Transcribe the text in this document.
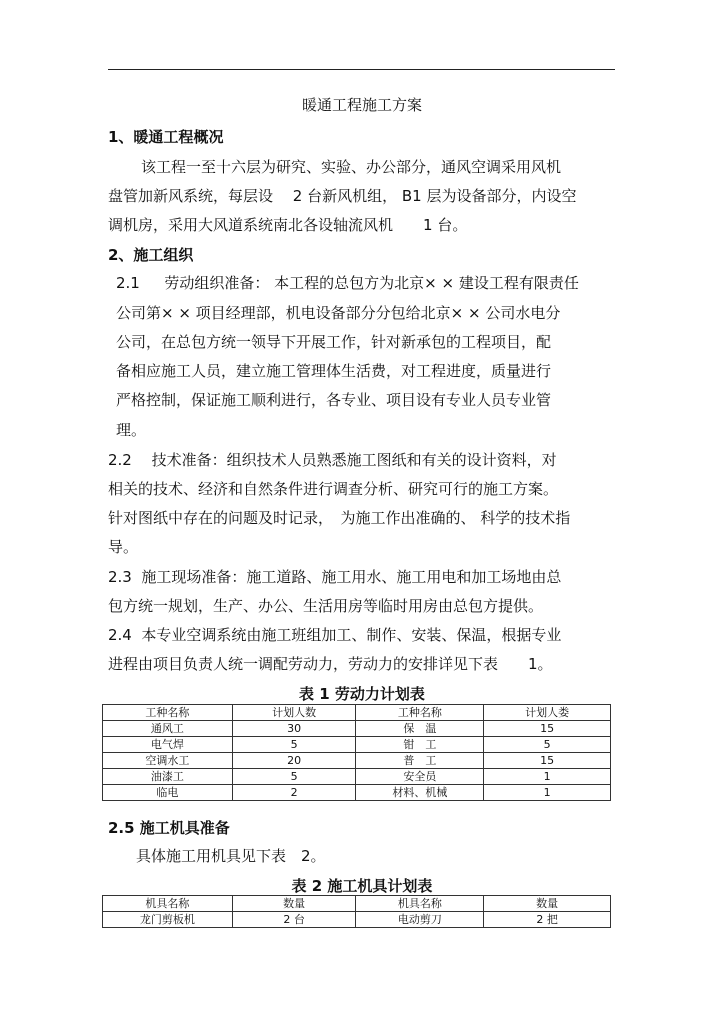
暖通工程施工方案
1、暖通工程概况
该工程一至十六层为研究、实验、办公部分，通风空调采用风机
盘管加新风系统，每层设　 2 台新风机组， B1 层为设备部分，内设空
调机房，采用大风道系统南北各设轴流风机　　1 台。
2、施工组织
2.1　  劳动组织准备： 本工程的总包方为北京× × 建设工程有限责任
公司第× × 项目经理部，机电设备部分分包给北京× × 公司水电分
公司，在总包方统一领导下开展工作，针对新承包的工程项目，配
备相应施工人员，建立施工管理体生活费，对工程进度，质量进行
严格控制，保证施工顺利进行，各专业、项目设有专业人员专业管
理。
2.2　 技术准备：组织技术人员熟悉施工图纸和有关的设计资料，对
相关的技术、经济和自然条件进行调查分析、研究可行的施工方案。
针对图纸中存在的问题及时记录，　为施工作出准确的、 科学的技术指
导。
2.3  施工现场准备：施工道路、施工用水、施工用电和加工场地由总
包方统一规划，生产、办公、生活用房等临时用房由总包方提供。
2.4  本专业空调系统由施工班组加工、制作、安装、保温，根据专业
进程由项目负责人统一调配劳动力，劳动力的安排详见下表　　1。
表 1 劳动力计划表
工种名称	计划人数	工种名称	计划人娄
通风工	30	保　温	15
电气焊	5	钳　工	5
空调水工	20	普　工	15
油漆工	5	安全员	1
临电	2	材料、机械	1
2.5 施工机具准备
具体施工用机具见下表　2。
表 2 施工机具计划表
机具名称	数量	机具名称	数量
龙门剪板机	2 台	电动剪刀	2 把
